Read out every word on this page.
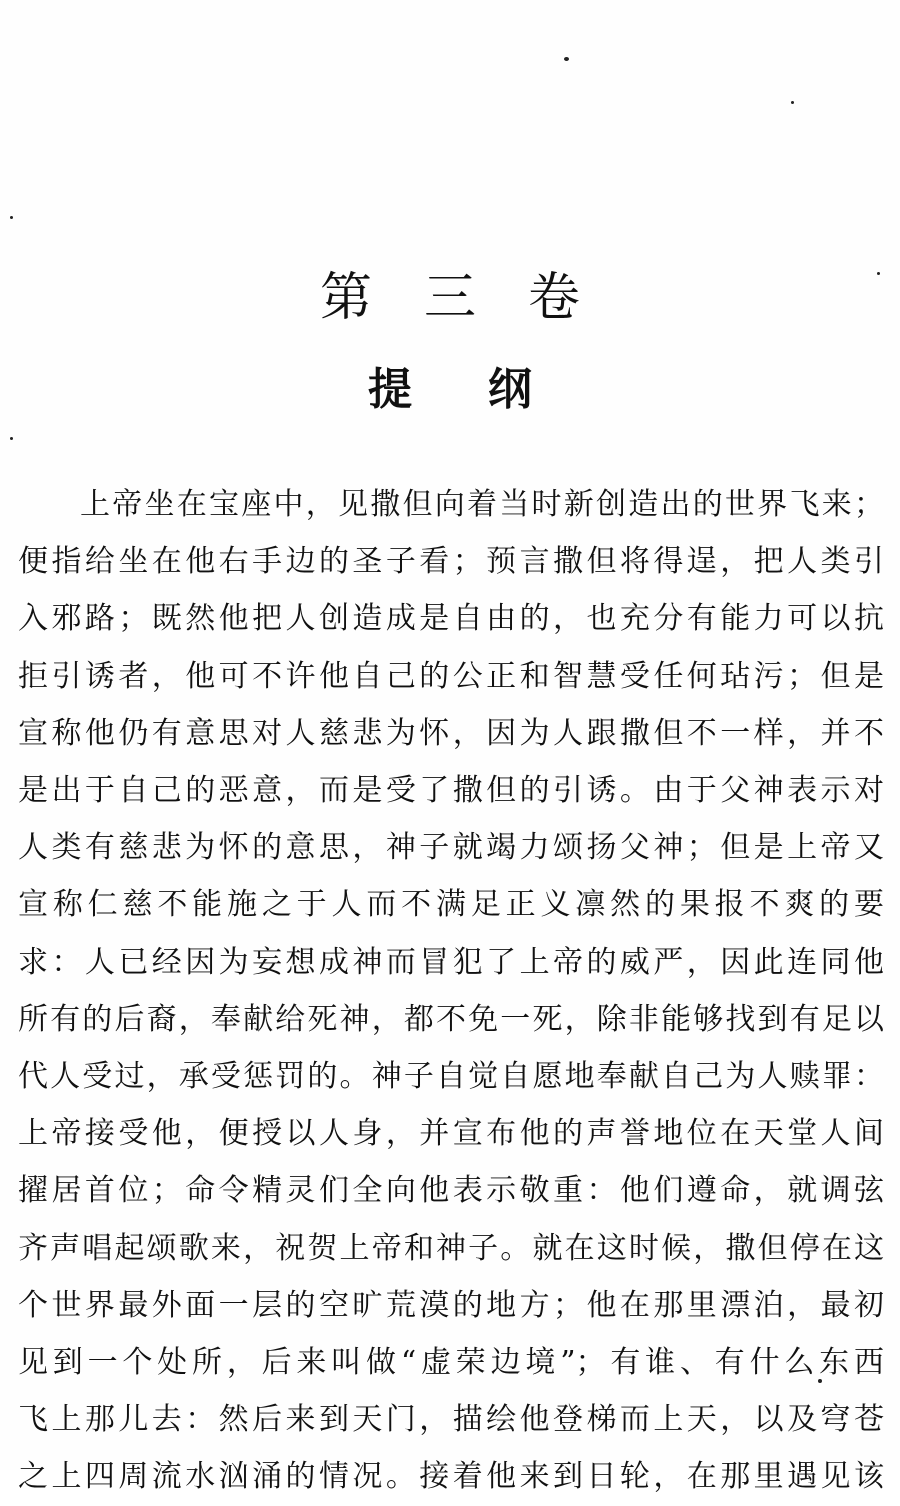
第 三 卷
提 纲
上帝坐在宝座中，见撒但向着当时新创造出的世界飞来；
便指给坐在他右手边的圣子看；预言撒但将得逞，把人类引
入邪路；既然他把人创造成是自由的，也充分有能力可以抗
拒引诱者，他可不许他自己的公正和智慧受任何玷污；但是
宣称他仍有意思对人慈悲为怀，因为人跟撒但不一样，并不
是出于自己的恶意，而是受了撒但的引诱。由于父神表示对
人类有慈悲为怀的意思，神子就竭力颂扬父神；但是上帝又
宣称仁慈不能施之于人而不满足正义凛然的果报不爽的要
求：人已经因为妄想成神而冒犯了上帝的威严，因此连同他
所有的后裔，奉献给死神，都不免一死，除非能够找到有足以
代人受过，承受惩罚的。神子自觉自愿地奉献自己为人赎罪：
上帝接受他，便授以人身，并宣布他的声誉地位在天堂人间
擢居首位；命令精灵们全向他表示敬重：他们遵命，就调弦
齐声唱起颂歌来，祝贺上帝和神子。就在这时候，撒但停在这
个世界最外面一层的空旷荒漠的地方；他在那里漂泊，最初
见到一个处所，后来叫做“虚荣边境”；有谁、有什么东西
飞上那儿去：然后来到天门，描绘他登梯而上天，以及穹苍
之上四周流水汹涌的情况。接着他来到日轮，在那里遇见该
